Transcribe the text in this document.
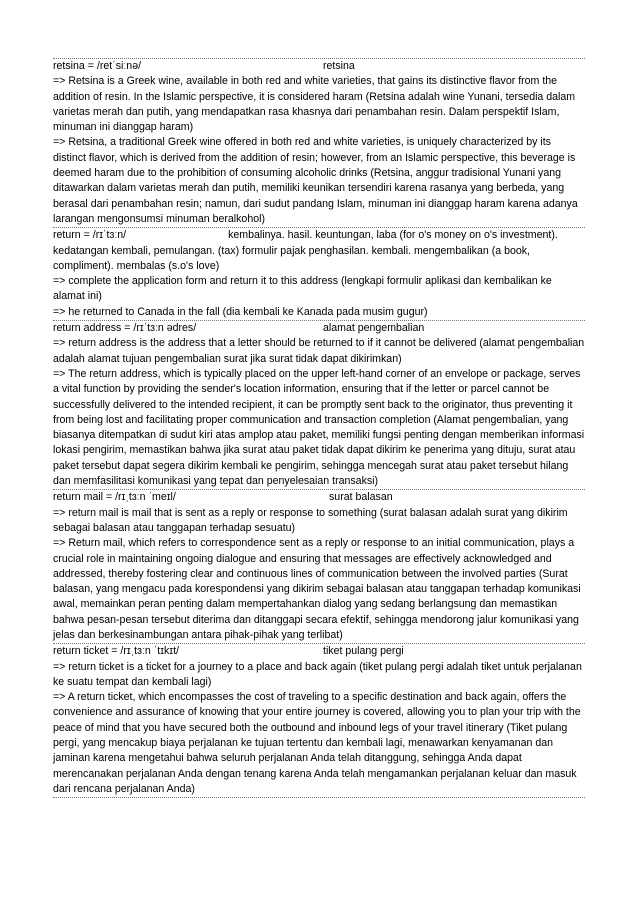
retsina = /retˈsiːnə/	retsina

=> Retsina is a Greek wine, available in both red and white varieties, that gains its distinctive flavor from the addition of resin. In the Islamic perspective, it is considered haram (Retsina adalah wine Yunani, tersedia dalam varietas merah dan putih, yang mendapatkan rasa khasnya dari penambahan resin. Dalam perspektif Islam, minuman ini dianggap haram)

=> Retsina, a traditional Greek wine offered in both red and white varieties, is uniquely characterized by its distinct flavor, which is derived from the addition of resin; however, from an Islamic perspective, this beverage is deemed haram due to the prohibition of consuming alcoholic drinks (Retsina, anggur tradisional Yunani yang ditawarkan dalam varietas merah dan putih, memiliki keunikan tersendiri karena rasanya yang berbeda, yang berasal dari penambahan resin; namun, dari sudut pandang Islam, minuman ini dianggap haram karena adanya larangan mengonsumsi minuman beralkohol)

return = /rɪˈtɜːn/	kembalinya. hasil. keuntungan, laba (for o's money on o's investment). kedatangan kembali, pemulangan. (tax) formulir pajak penghasilan. kembali. mengembalikan (a book, compliment). membalas (s.o's love)

=> complete the application form and return it to this address (lengkapi formulir aplikasi dan kembalikan ke alamat ini)

=> he returned to Canada in the fall (dia kembali ke Kanada pada musim gugur)

return address = /rɪˈtɜːn ədres/	alamat pengembalian

=> return address is the address that a letter should be returned to if it cannot be delivered (alamat pengembalian adalah alamat tujuan pengembalian surat jika surat tidak dapat dikirimkan)

=> The return address, which is typically placed on the upper left-hand corner of an envelope or package, serves a vital function by providing the sender's location information, ensuring that if the letter or parcel cannot be successfully delivered to the intended recipient, it can be promptly sent back to the originator, thus preventing it from being lost and facilitating proper communication and transaction completion (Alamat pengembalian, yang biasanya ditempatkan di sudut kiri atas amplop atau paket, memiliki fungsi penting dengan memberikan informasi lokasi pengirim, memastikan bahwa jika surat atau paket tidak dapat dikirim ke penerima yang dituju, surat atau paket tersebut dapat segera dikirim kembali ke pengirim, sehingga mencegah surat atau paket tersebut hilang dan memfasilitasi komunikasi yang tepat dan penyelesaian transaksi)

return mail = /rɪˌtɜːn ˈmeɪl/	surat balasan

=> return mail is mail that is sent as a reply or response to something (surat balasan adalah surat yang dikirim sebagai balasan atau tanggapan terhadap sesuatu)

=> Return mail, which refers to correspondence sent as a reply or response to an initial communication, plays a crucial role in maintaining ongoing dialogue and ensuring that messages are effectively acknowledged and addressed, thereby fostering clear and continuous lines of communication between the involved parties (Surat balasan, yang mengacu pada korespondensi yang dikirim sebagai balasan atau tanggapan terhadap komunikasi awal, memainkan peran penting dalam mempertahankan dialog yang sedang berlangsung dan memastikan bahwa pesan-pesan tersebut diterima dan ditanggapi secara efektif, sehingga mendorong jalur komunikasi yang jelas dan berkesinambungan antara pihak-pihak yang terlibat)

return ticket = /rɪˌtɜːn ˈtɪkɪt/	tiket pulang pergi

=> return ticket is a ticket for a journey to a place and back again (tiket pulang pergi adalah tiket untuk perjalanan ke suatu tempat dan kembali lagi)

=> A return ticket, which encompasses the cost of traveling to a specific destination and back again, offers the convenience and assurance of knowing that your entire journey is covered, allowing you to plan your trip with the peace of mind that you have secured both the outbound and inbound legs of your travel itinerary (Tiket pulang pergi, yang mencakup biaya perjalanan ke tujuan tertentu dan kembali lagi, menawarkan kenyamanan dan jaminan karena mengetahui bahwa seluruh perjalanan Anda telah ditanggung, sehingga Anda dapat merencanakan perjalanan Anda dengan tenang karena Anda telah mengamankan perjalanan keluar dan masuk dari rencana perjalanan Anda)
